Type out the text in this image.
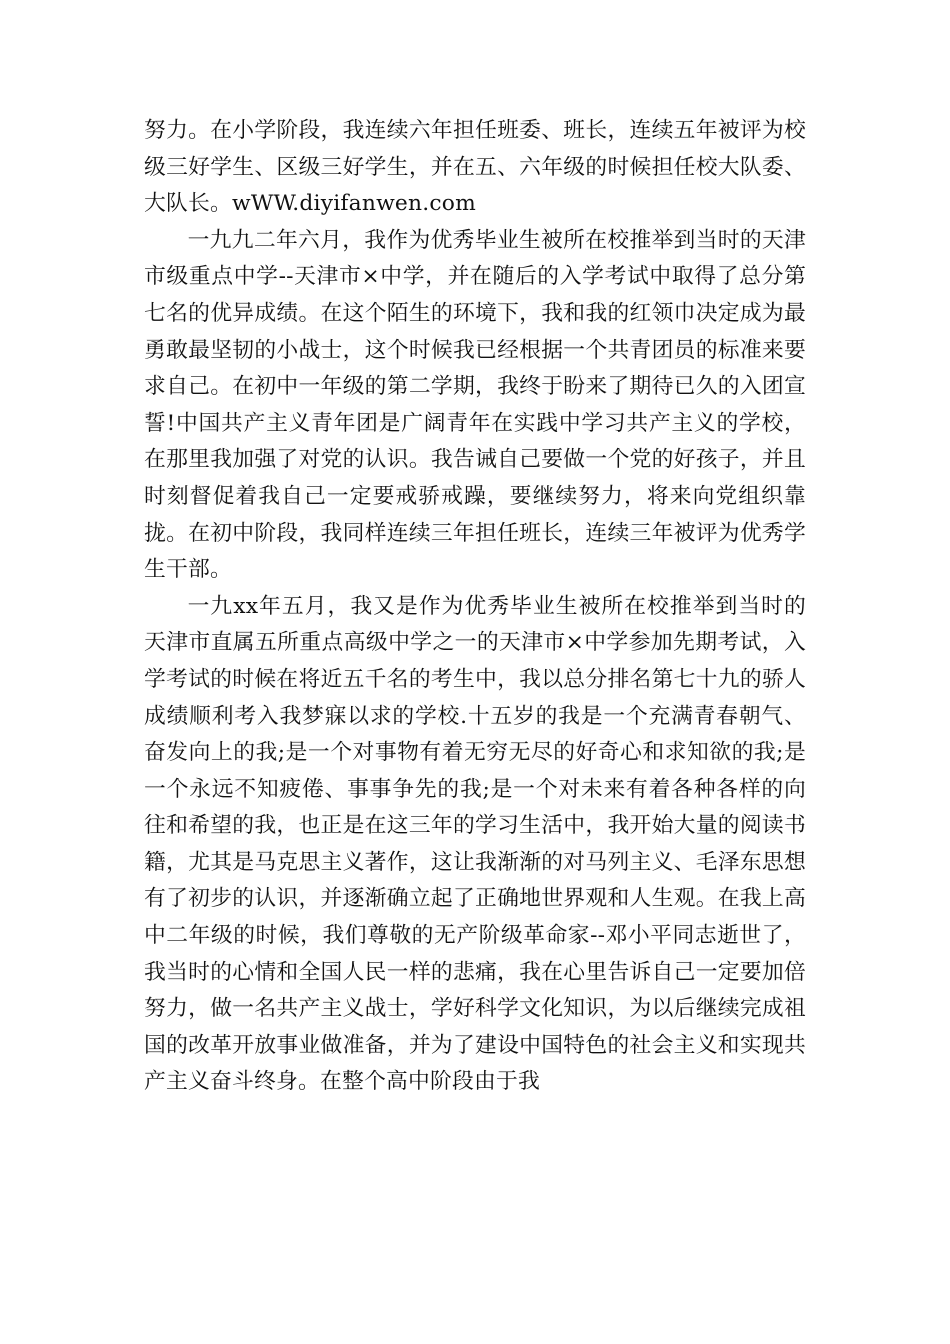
努力。在小学阶段，我连续六年担任班委、班长，连续五年被评为校级三好学生、区级三好学生，并在五、六年级的时候担任校大队委、大队长。wWW.diyifanwen.com

一九九二年六月，我作为优秀毕业生被所在校推举到当时的天津市级重点中学--天津市×中学，并在随后的入学考试中取得了总分第七名的优异成绩。在这个陌生的环境下，我和我的红领巾决定成为最勇敢最坚韧的小战士，这个时候我已经根据一个共青团员的标准来要求自己。在初中一年级的第二学期，我终于盼来了期待已久的入团宣誓!中国共产主义青年团是广阔青年在实践中学习共产主义的学校，在那里我加强了对党的认识。我告诫自己要做一个党的好孩子，并且时刻督促着我自己一定要戒骄戒躁，要继续努力，将来向党组织靠拢。在初中阶段，我同样连续三年担任班长，连续三年被评为优秀学生干部。

一九xx年五月，我又是作为优秀毕业生被所在校推举到当时的天津市直属五所重点高级中学之一的天津市×中学参加先期考试，入学考试的时候在将近五千名的考生中，我以总分排名第七十九的骄人成绩顺利考入我梦寐以求的学校.十五岁的我是一个充满青春朝气、奋发向上的我;是一个对事物有着无穷无尽的好奇心和求知欲的我;是一个永远不知疲倦、事事争先的我;是一个对未来有着各种各样的向往和希望的我，也正是在这三年的学习生活中，我开始大量的阅读书籍，尤其是马克思主义著作，这让我渐渐的对马列主义、毛泽东思想有了初步的认识，并逐渐确立起了正确地世界观和人生观。在我上高中二年级的时候，我们尊敬的无产阶级革命家--邓小平同志逝世了，我当时的心情和全国人民一样的悲痛，我在心里告诉自己一定要加倍努力，做一名共产主义战士，学好科学文化知识，为以后继续完成祖国的改革开放事业做准备，并为了建设中国特色的社会主义和实现共产主义奋斗终身。在整个高中阶段由于我
